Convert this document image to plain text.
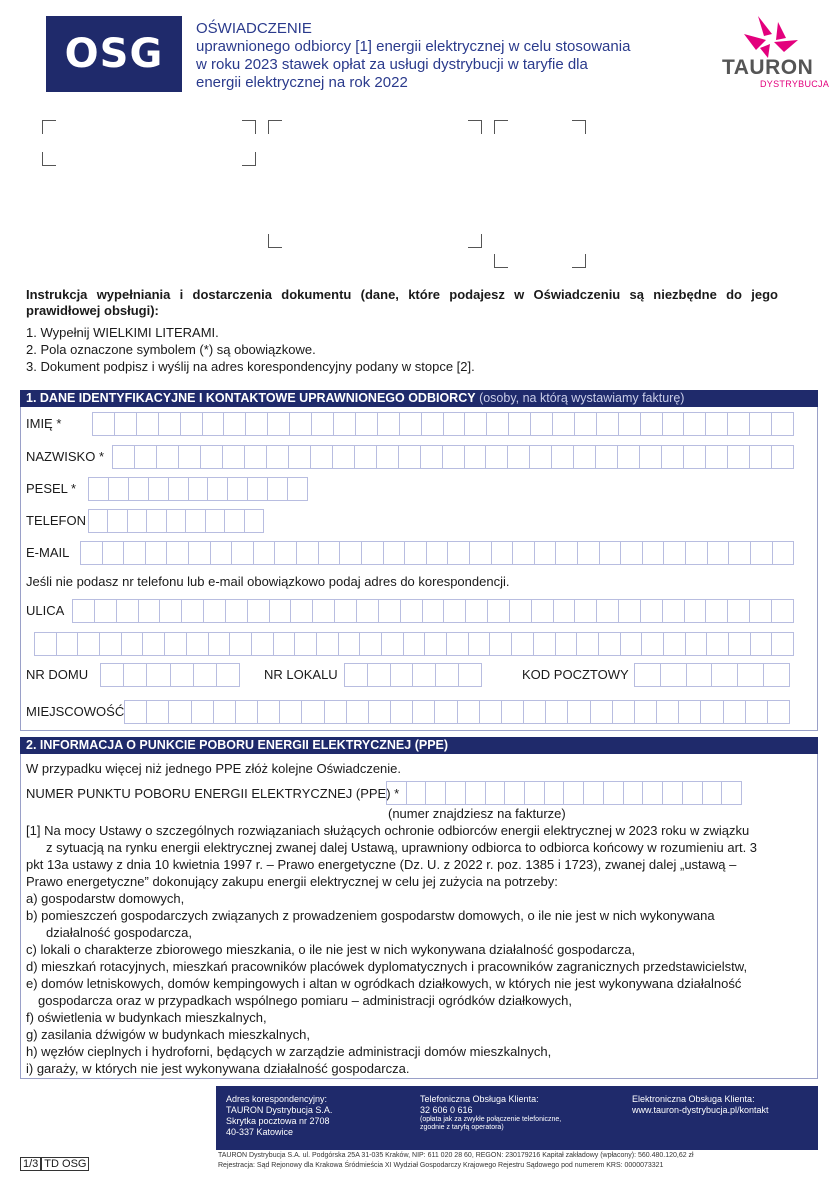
OSG
OŚWIADCZENIE
uprawnionego odbiorcy [1] energii elektrycznej w celu stosowania
w roku 2023 stawek opłat za usługi dystrybucji w taryfie dla
energii elektrycznej na rok 2022
TAURON
DYSTRYBUCJA
Instrukcja wypełniania i dostarczenia dokumentu (dane, które podajesz w Oświadczeniu są niezbędne do jego prawidłowej obsługi):
1. Wypełnij WIELKIMI LITERAMI.
2. Pola oznaczone symbolem (*) są obowiązkowe.
3. Dokument podpisz i wyślij na adres korespondencyjny podany w stopce [2].
1. DANE IDENTYFIKACYJNE I KONTAKTOWE UPRAWNIONEGO ODBIORCY (osoby, na którą wystawiamy fakturę)
IMIĘ *
NAZWISKO *
PESEL *
TELEFON
E-MAIL
Jeśli nie podasz nr telefonu lub e-mail obowiązkowo podaj adres do korespondencji.
ULICA
NR DOMU	NR LOKALU	KOD POCZTOWY
MIEJSCOWOŚĆ
2. INFORMACJA O PUNKCIE POBORU ENERGII ELEKTRYCZNEJ (PPE)
W przypadku więcej niż jednego PPE złóż kolejne Oświadczenie.
NUMER PUNKTU POBORU ENERGII ELEKTRYCZNEJ (PPE) *
(numer znajdziesz na fakturze)

[1] Na mocy Ustawy o szczególnych rozwiązaniach służących ochronie odbiorców energii elektrycznej w 2023 roku w związku

z sytuacją na rynku energii elektrycznej zwanej dalej Ustawą, uprawniony odbiorca to odbiorca końcowy w rozumieniu art. 3

pkt 13a ustawy z dnia 10 kwietnia 1997 r. – Prawo energetyczne (Dz. U. z 2022 r. poz. 1385 i 1723), zwanej dalej „ustawą –

Prawo energetyczne” dokonujący zakupu energii elektrycznej w celu jej zużycia na potrzeby:

a) gospodarstw domowych,

b) pomieszczeń gospodarczych związanych z prowadzeniem gospodarstw domowych, o ile nie jest w nich wykonywana

działalność gospodarcza,

c) lokali o charakterze zbiorowego mieszkania, o ile nie jest w nich wykonywana działalność gospodarcza,

d) mieszkań rotacyjnych, mieszkań pracowników placówek dyplomatycznych i pracowników zagranicznych przedstawicielstw,

e) domów letniskowych, domów kempingowych i altan w ogródkach działkowych, w których nie jest wykonywana działalność

gospodarcza oraz w przypadkach wspólnego pomiaru – administracji ogródków działkowych,

f) oświetlenia w budynkach mieszkalnych,

g) zasilania dźwigów w budynkach mieszkalnych,

h) węzłów cieplnych i hydroforni, będących w zarządzie administracji domów mieszkalnych,

i) garaży, w których nie jest wykonywana działalność gospodarcza.

Adres korespondencyjny:
TAURON Dystrybucja S.A.
Skrytka pocztowa nr 2708
40-337 Katowice
Telefoniczna Obsługa Klienta:
32 606 0 616
(opłata jak za zwykłe połączenie telefoniczne,
zgodnie z taryfą operatora)
Elektroniczna Obsługa Klienta:
www.tauron-dystrybucja.pl/kontakt
TAURON Dystrybucja S.A. ul. Podgórska 25A 31-035 Kraków, NIP: 611 020 28 60, REGON: 230179216 Kapitał zakładowy (wpłacony): 560.480.120,62 zł
Rejestracja: Sąd Rejonowy dla Krakowa Śródmieścia XI Wydział Gospodarczy Krajowego Rejestru Sądowego pod numerem KRS: 0000073321
1/3 TD OSG
